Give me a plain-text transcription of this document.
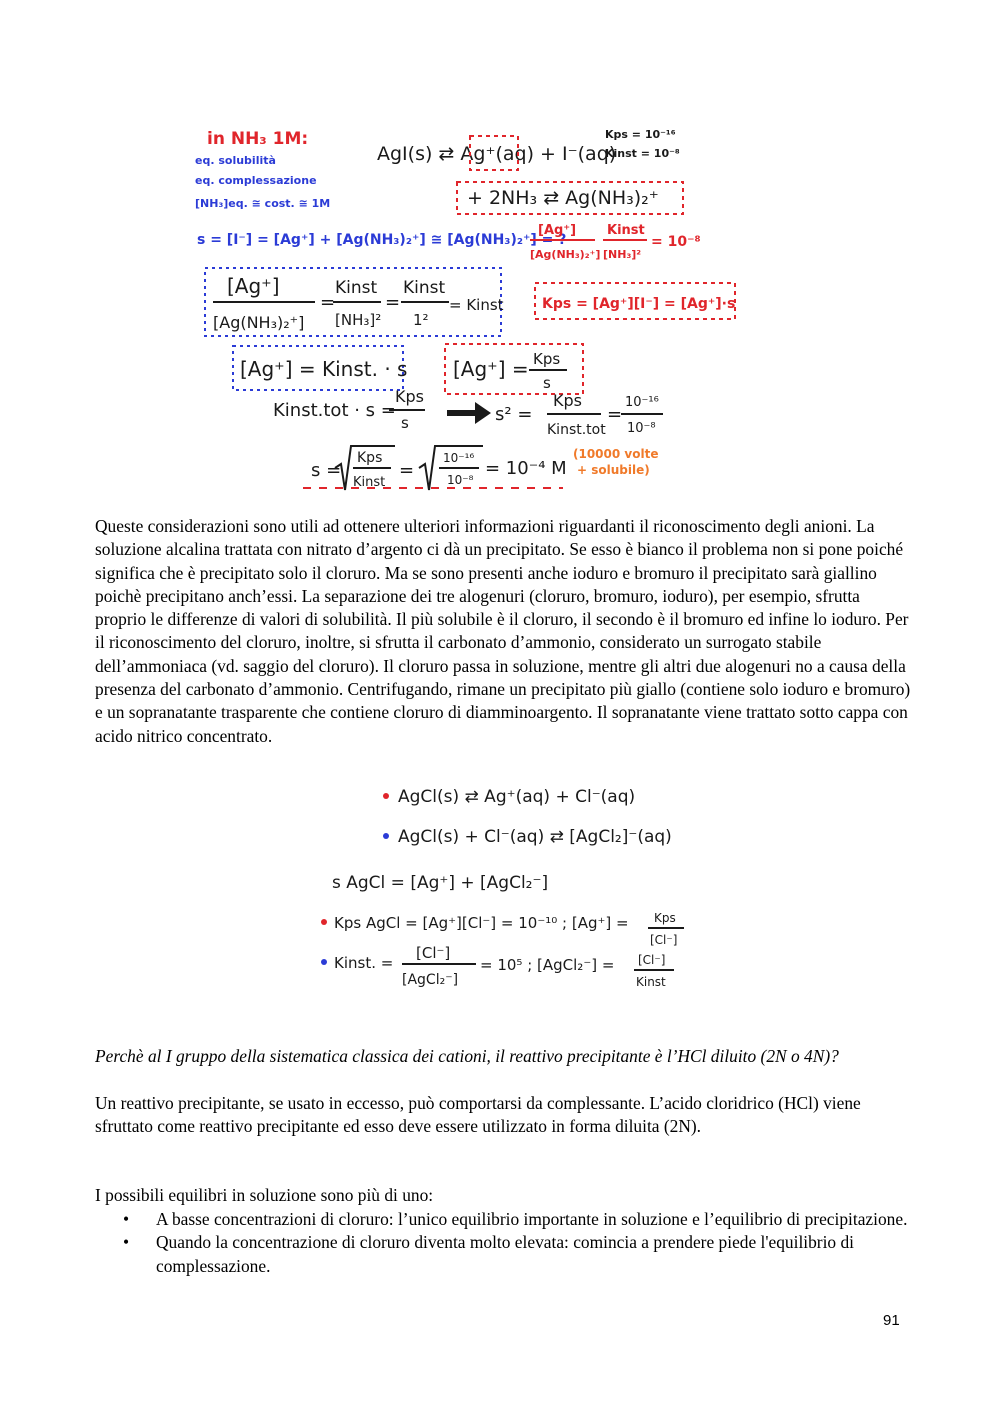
in NH₃ 1M:
eq. solubilità
eq. complessazione
[NH₃]eq. ≅ cost. ≅ 1M
AgI(s) ⇄ Ag⁺(aq) + I⁻(aq)
+ 2NH₃ ⇄ Ag(NH₃)₂⁺
Kps = 10⁻¹⁶
Kinst = 10⁻⁸
s = [I⁻] = [Ag⁺] + [Ag(NH₃)₂⁺] ≅ [Ag(NH₃)₂⁺] = ?
[Ag⁺]
[Ag(NH₃)₂⁺]
Kinst
[NH₃]²
= 10⁻⁸
[Ag⁺]
[Ag(NH₃)₂⁺]
=
Kinst
[NH₃]²
=
Kinst
1²
= Kinst	Kps = [Ag⁺][I⁻] = [Ag⁺]·s
[Ag⁺] = Kinst. · s [Ag⁺] = Kps
s
Kinst.tot · s =
Kps
s	s² =
Kps
Kinst.tot
=
10⁻¹⁶
10⁻⁸
s =
Kps
Kinst
=
10⁻¹⁶
10⁻⁸
= 10⁻⁴ M
(10000 volte
+ solubile)

Queste considerazioni sono utili ad ottenere ulteriori informazioni riguardanti il riconoscimento degli anioni. La soluzione alcalina trattata con nitrato d’argento ci dà un precipitato. Se esso è bianco il problema non si pone poiché significa che è precipitato solo il cloruro. Ma se sono presenti anche ioduro e bromuro il precipitato sarà giallino poichè precipitano anch’essi. La separazione dei tre alogenuri (cloruro, bromuro, ioduro), per esempio, sfrutta proprio le differenze di valori di solubilità. Il più solubile è il cloruro, il secondo è il bromuro ed infine lo ioduro. Per il riconoscimento del cloruro, inoltre, si sfrutta il carbonato d’ammonio, considerato un surrogato stabile dell’ammoniaca (vd. saggio del cloruro). Il cloruro passa in soluzione, mentre gli altri due alogenuri no a causa della presenza del carbonato d’ammonio. Centrifugando, rimane un precipitato più giallo (contiene solo ioduro e bromuro) e un sopranatante trasparente che contiene cloruro di diamminoargento. Il sopranatante viene trattato sotto cappa con acido nitrico concentrato.

AgCl(s) ⇄ Ag⁺(aq) + Cl⁻(aq)
AgCl(s) + Cl⁻(aq) ⇄ [AgCl₂]⁻(aq)
s AgCl = [Ag⁺] + [AgCl₂⁻]
Kps AgCl = [Ag⁺][Cl⁻] = 10⁻¹⁰ ; [Ag⁺] = Kps
[Cl⁻]
Kinst. =
[Cl⁻]
[AgCl₂⁻]
= 10⁵ ; [AgCl₂⁻] = [Cl⁻]
Kinst

Perchè al I gruppo della sistematica classica dei cationi, il reattivo precipitante è l’HCl diluito (2N o 4N)?

Un reattivo precipitante, se usato in eccesso, può comportarsi da complessante. L’acido cloridrico (HCl) viene sfruttato come reattivo precipitante ed esso deve essere utilizzato in forma diluita (2N).

I possibili equilibri in soluzione sono più di uno:

• A basse concentrazioni di cloruro: l’unico equilibrio importante in soluzione e l’equilibrio di precipitazione.
• Quando la concentrazione di cloruro diventa molto elevata: comincia a prendere piede l'equilibrio di complessazione.
91
